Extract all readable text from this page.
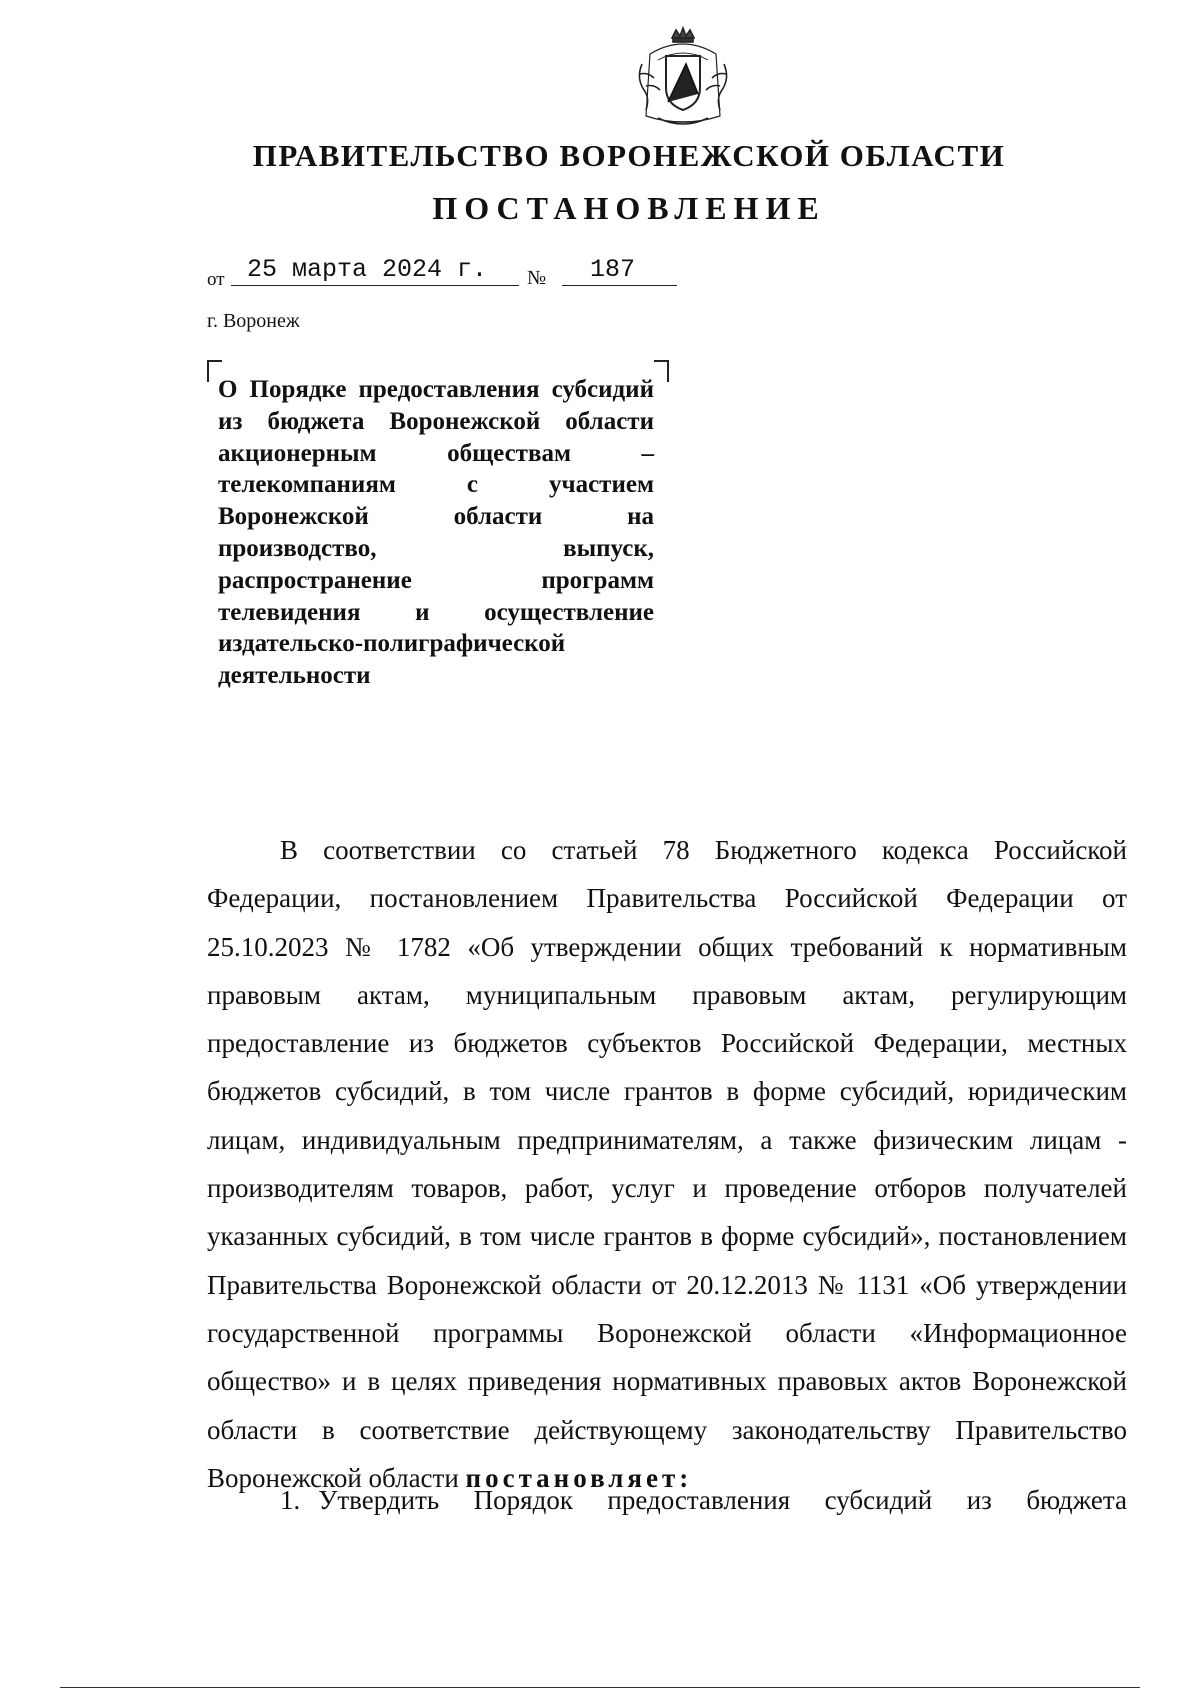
ПРАВИТЕЛЬСТВО ВОРОНЕЖСКОЙ ОБЛАСТИ
ПОСТАНОВЛЕНИЕ
от 25 марта 2024 г. № 187
г. Воронеж
О Порядке предоставления субсидий из бюджета Воронежской области акционерным обществам – телекомпаниям с участием Воронежской области на производство, выпуск, распространение программ телевидения и осуществление издательско-полиграфической деятельности

В соответствии со статьей 78 Бюджетного кодекса Российской Федерации, постановлением Правительства Российской Федерации от 25.10.2023 № 1782 «Об утверждении общих требований к нормативным правовым актам, муниципальным правовым актам, регулирующим предоставление из бюджетов субъектов Российской Федерации, местных бюджетов субсидий, в том числе грантов в форме субсидий, юридическим лицам, индивидуальным предпринимателям, а также физическим лицам - производителям товаров, работ, услуг и проведение отборов получателей указанных субсидий, в том числе грантов в форме субсидий», постановлением Правительства Воронежской области от 20.12.2013 № 1131 «Об утверждении государственной программы Воронежской области «Информационное общество» и в целях приведения нормативных правовых актов Воронежской области в соответствие действующему законодательству Правительство Воронежской области постановляет:

1. Утвердить Порядок предоставления субсидий из бюджета
